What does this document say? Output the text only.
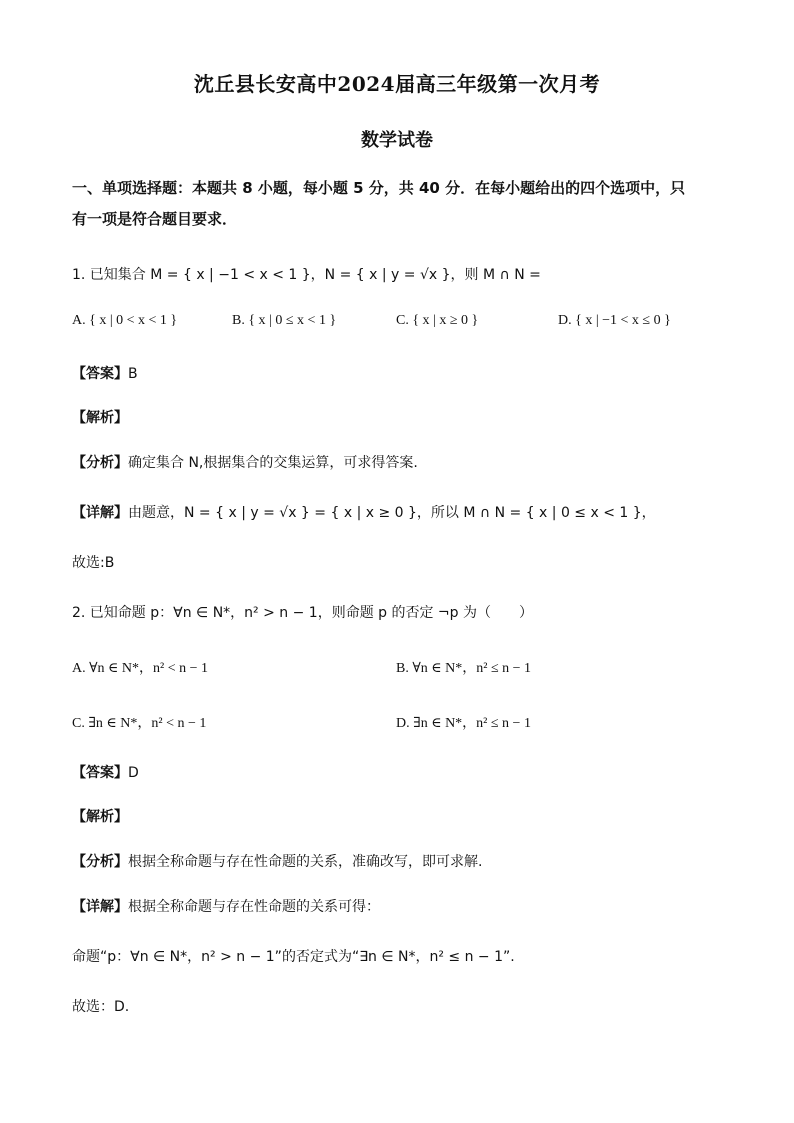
沈丘县长安高中2024届高三年级第一次月考
数学试卷
一、单项选择题：本题共 8 小题，每小题 5 分，共 40 分．在每小题给出的四个选项中，只
有一项是符合题目要求．
1. 已知集合 M = { x | −1 < x < 1 }，N = { x | y = √x }，则 M ∩ N =
A. { x | 0 < x < 1 }	B. { x | 0 ≤ x < 1 }	C. { x | x ≥ 0 }	D. { x | −1 < x ≤ 0 }
【答案】B
【解析】
【分析】确定集合 N,根据集合的交集运算，可求得答案.
【详解】由题意，N = { x | y = √x } = { x | x ≥ 0 }，所以 M ∩ N = { x | 0 ≤ x < 1 }，
故选:B
2. 已知命题 p：∀n ∈ N*，n² > n − 1，则命题 p 的否定 ¬p 为（　　）
A. ∀n ∈ N*，n² < n − 1	B. ∀n ∈ N*，n² ≤ n − 1
C. ∃n ∈ N*，n² < n − 1	D. ∃n ∈ N*，n² ≤ n − 1
【答案】D
【解析】
【分析】根据全称命题与存在性命题的关系，准确改写，即可求解.
【详解】根据全称命题与存在性命题的关系可得：
命题“p：∀n ∈ N*，n² > n − 1”的否定式为“∃n ∈ N*，n² ≤ n − 1”.
故选：D.
